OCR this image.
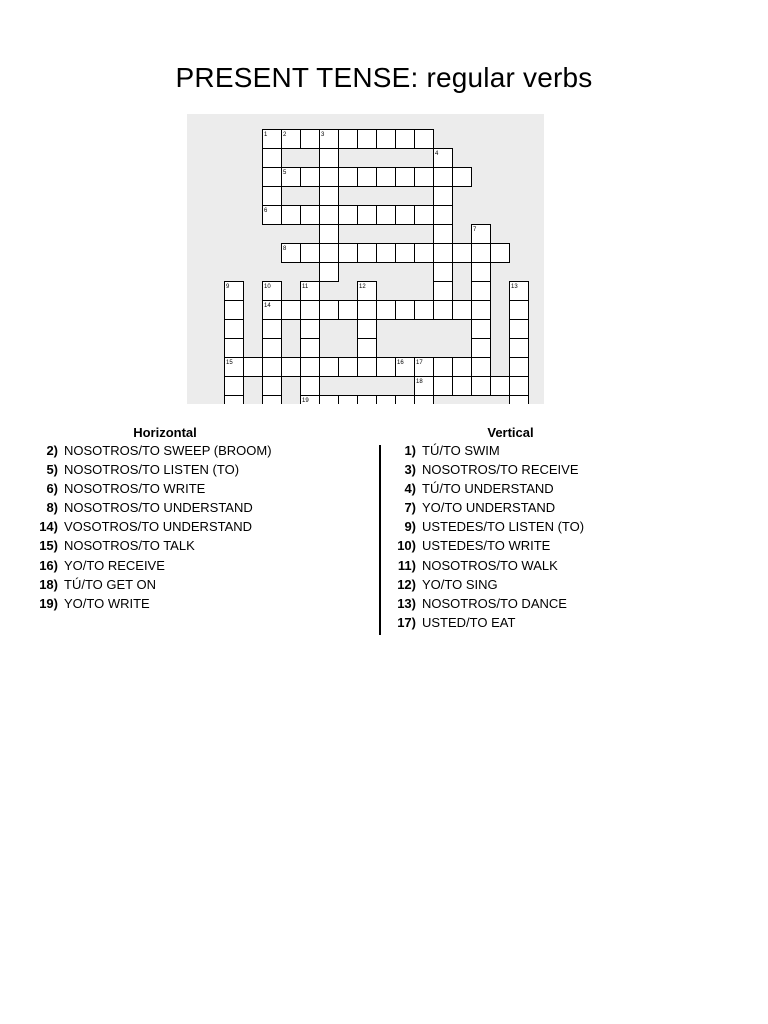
PRESENT TENSE: regular verbs
2
5
6
8
14
15	16
18
19
1	3
4
7
9	10	11	12	13
17
Horizontal
2) NOSOTROS/TO SWEEP (BROOM)
5) NOSOTROS/TO LISTEN (TO)
6) NOSOTROS/TO WRITE
8) NOSOTROS/TO UNDERSTAND
14) VOSOTROS/TO UNDERSTAND
15) NOSOTROS/TO TALK
16) YO/TO RECEIVE
18) TÚ/TO GET ON
19) YO/TO WRITE
Vertical
1) TÚ/TO SWIM
3) NOSOTROS/TO RECEIVE
4) TÚ/TO UNDERSTAND
7) YO/TO UNDERSTAND
9) USTEDES/TO LISTEN (TO)
10) USTEDES/TO WRITE
11) NOSOTROS/TO WALK
12) YO/TO SING
13) NOSOTROS/TO DANCE
17) USTED/TO EAT
